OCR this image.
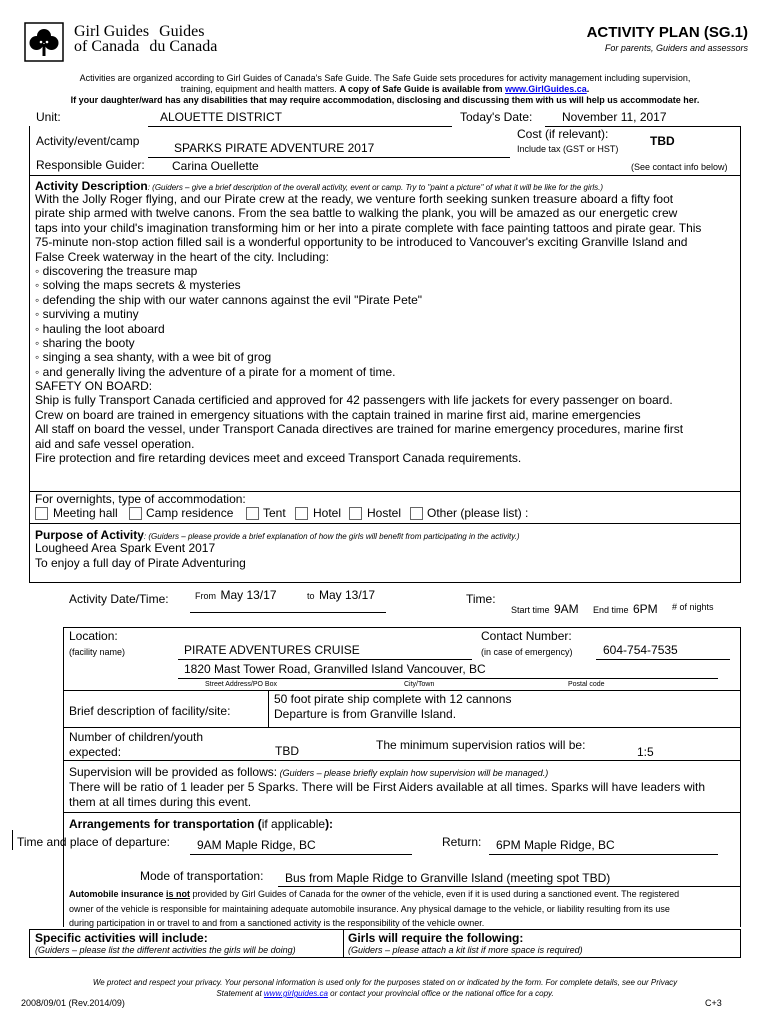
Girl Guides Guides
of Canada du Canada
ACTIVITY PLAN (SG.1)
For parents, Guiders and assessors
Activities are organized according to Girl Guides of Canada's Safe Guide. The Safe Guide sets procedures for activity management including supervision,
training, equipment and health matters. A copy of Safe Guide is available from www.GirlGuides.ca.
If your daughter/ward has any disabilities that may require accommodation, disclosing and discussing them with us will help us accommodate her.
Unit:	ALOUETTE DISTRICT	Today's Date: November 11, 2017
Activity/event/camp	SPARKS PIRATE ADVENTURE 2017
Cost (if relevant):
Include tax (GST or HST)
TBD
Responsible Guider: Carina Ouellette	(See contact info below)
Activity Description: (Guiders – give a brief description of the overall activity, event or camp. Try to "paint a picture" of what it will be like for the girls.)
With the Jolly Roger flying, and our Pirate crew at the ready, we venture forth seeking sunken treasure aboard a fifty foot
pirate ship armed with twelve canons. From the sea battle to walking the plank, you will be amazed as our energetic crew
taps into your child's imagination transforming him or her into a pirate complete with face painting tattoos and pirate gear. This
75-minute non-stop action filled sail is a wonderful opportunity to be introduced to Vancouver's exciting Granville Island and
False Creek waterway in the heart of the city. Including:
◦ discovering the treasure map
◦ solving the maps secrets & mysteries
◦ defending the ship with our water cannons against the evil "Pirate Pete"
◦ surviving a mutiny
◦ hauling the loot aboard
◦ sharing the booty
◦ singing a sea shanty, with a wee bit of grog
◦ and generally living the adventure of a pirate for a moment of time.
SAFETY ON BOARD:
Ship is fully Transport Canada certificied and approved for 42 passengers with life jackets for every passenger on board.
Crew on board are trained in emergency situations with the captain trained in marine first aid, marine emergencies
All staff on board the vessel, under Transport Canada directives are trained for marine emergency procedures, marine first
aid and safe vessel operation.
Fire protection and fire retarding devices meet and exceed Transport Canada requirements.
For overnights, type of accommodation:
Meeting hall Camp residence Tent Hotel Hostel Other (please list) :
Purpose of Activity: (Guiders – please provide a brief explanation of how the girls will benefit from participating in the activity.)
Lougheed Area Spark Event 2017
To enjoy a full day of Pirate Adventuring
Activity Date/Time:	From May 13/17	to May 13/17	Time:
Start time 9AM End time 6PM # of nights
Location:
(facility name)	PIRATE ADVENTURES CRUISE
Contact Number:
(in case of emergency)	604-754-7535
1820 Mast Tower Road, Granvilled Island Vancouver, BC
Street Address/PO Box	City/Town	Postal code
Brief description of facility/site:
50 foot pirate ship complete with 12 cannons
Departure is from Granville Island.
Number of children/youth
expected:	TBD	The minimum supervision ratios will be:	1:5
Supervision will be provided as follows: (Guiders – please briefly explain how supervision will be managed.)
There will be ratio of 1 leader per 5 Sparks. There will be First Aiders available at all times. Sparks will have leaders with
them at all times during this event.
Arrangements for transportation (if applicable):
Time and place of departure: 9AM Maple Ridge, BC	Return: 6PM Maple Ridge, BC
Mode of transportation: Bus from Maple Ridge to Granville Island (meeting spot TBD)
Automobile insurance is not provided by Girl Guides of Canada for the owner of the vehicle, even if it is used during a sanctioned event. The registered
owner of the vehicle is responsible for maintaining adequate automobile insurance. Any physical damage to the vehicle, or liability resulting from its use
during participation in or travel to and from a sanctioned activity is the responsibility of the vehicle owner.
Specific activities will include:
(Guiders – please list the different activities the girls will be doing)
Girls will require the following:
(Guiders – please attach a kit list if more space is required)
We protect and respect your privacy. Your personal information is used only for the purposes stated on or indicated by the form. For complete details, see our Privacy
Statement at www.girlguides.ca or contact your provincial office or the national office for a copy.
2008/09/01 (Rev.2014/09)	C+3
